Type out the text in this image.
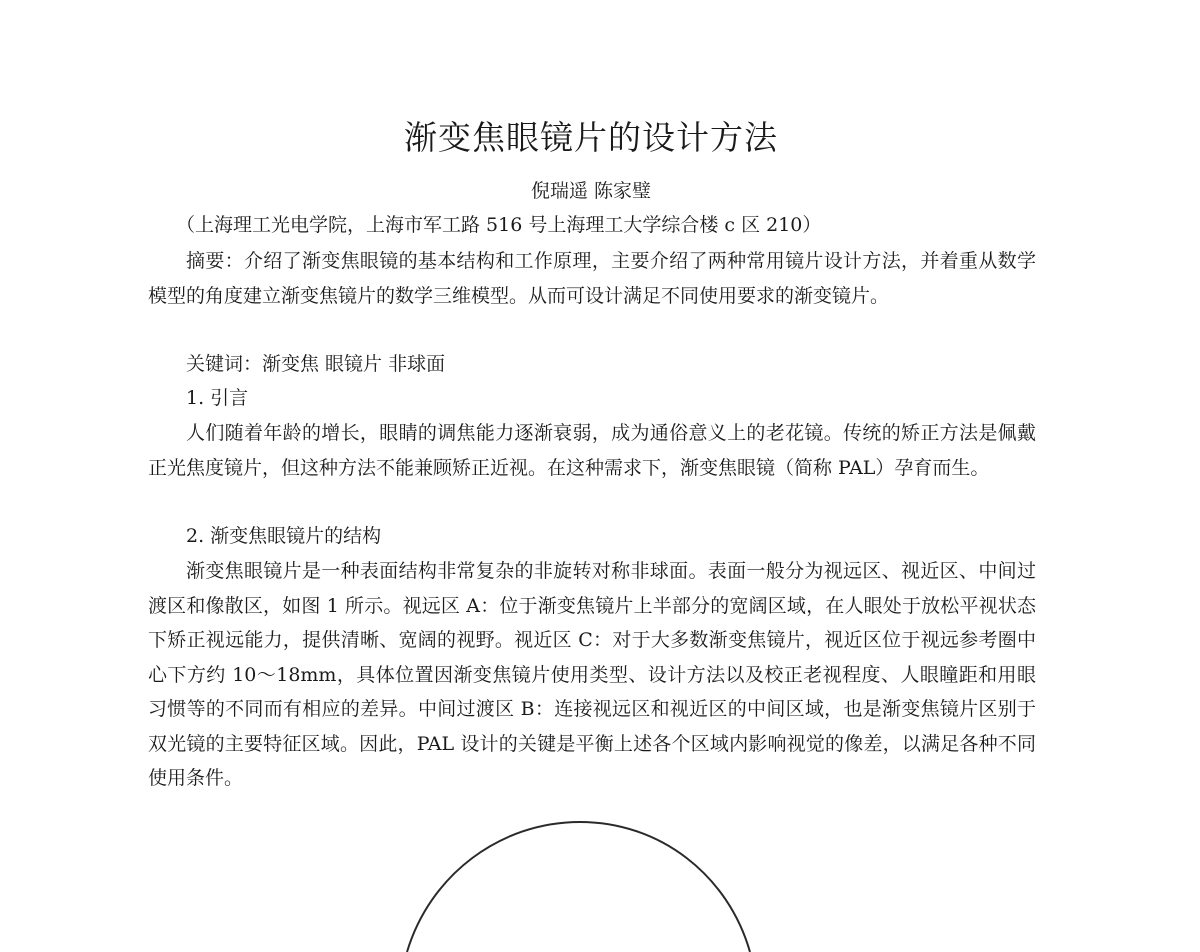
渐变焦眼镜片的设计方法
倪瑞遥 陈家璧
（上海理工光电学院，上海市军工路 516 号上海理工大学综合楼 c 区 210）
摘要：介绍了渐变焦眼镜的基本结构和工作原理，主要介绍了两种常用镜片设计方法，并着重从数学模型的角度建立渐变焦镜片的数学三维模型。从而可设计满足不同使用要求的渐变镜片。
关键词：渐变焦 眼镜片 非球面
1. 引言
人们随着年龄的增长，眼睛的调焦能力逐渐衰弱，成为通俗意义上的老花镜。传统的矫正方法是佩戴正光焦度镜片，但这种方法不能兼顾矫正近视。在这种需求下，渐变焦眼镜（简称 PAL）孕育而生。
2. 渐变焦眼镜片的结构
渐变焦眼镜片是一种表面结构非常复杂的非旋转对称非球面。表面一般分为视远区、视近区、中间过渡区和像散区，如图 1 所示。视远区 A：位于渐变焦镜片上半部分的宽阔区域，在人眼处于放松平视状态下矫正视远能力，提供清晰、宽阔的视野。视近区 C：对于大多数渐变焦镜片，视近区位于视远参考圈中心下方约 10～18mm，具体位置因渐变焦镜片使用类型、设计方法以及校正老视程度、人眼瞳距和用眼习惯等的不同而有相应的差异。中间过渡区 B：连接视远区和视近区的中间区域，也是渐变焦镜片区别于双光镜的主要特征区域。因此，PAL 设计的关键是平衡上述各个区域内影响视觉的像差，以满足各种不同使用条件。
